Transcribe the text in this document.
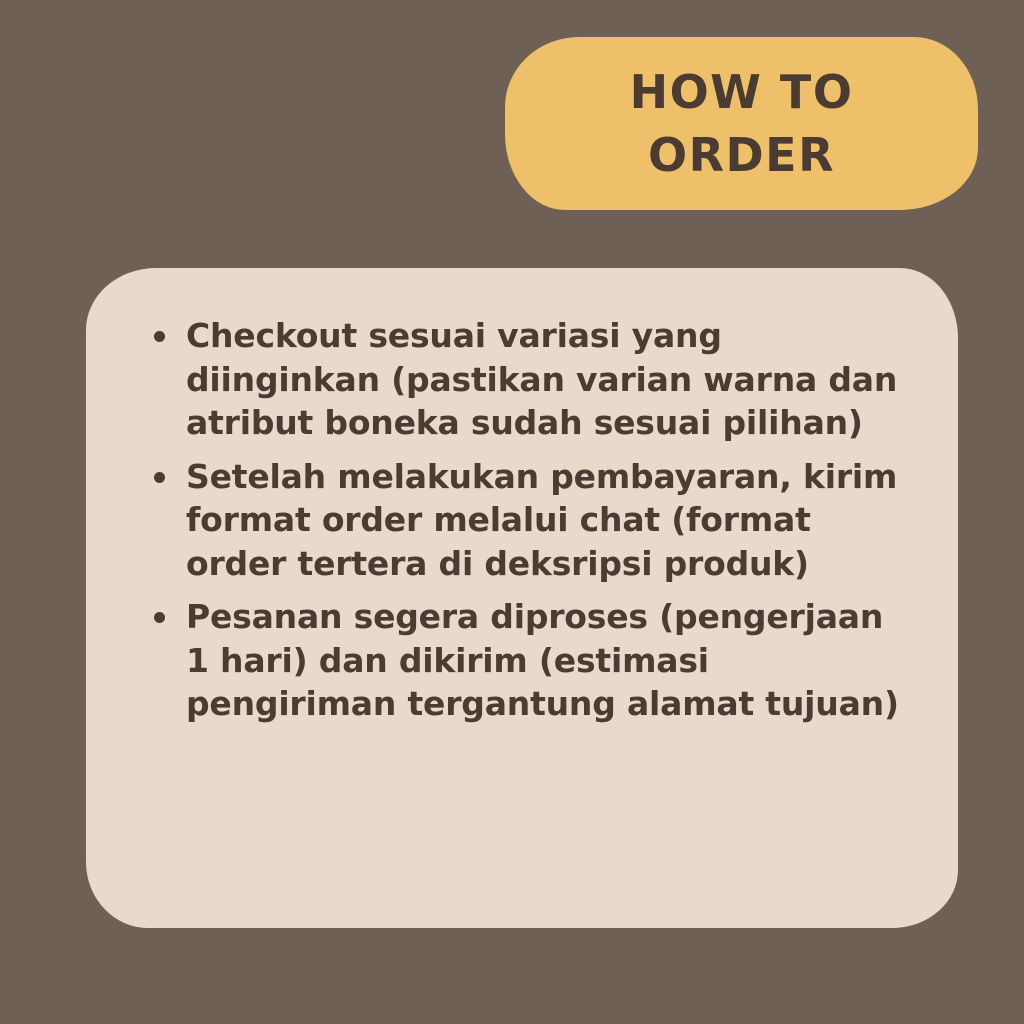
HOW TO
ORDER
Checkout sesuai variasi yang diinginkan (pastikan varian warna dan atribut boneka sudah sesuai pilihan)
Setelah melakukan pembayaran, kirim format order melalui chat (format order tertera di deksripsi produk)
Pesanan segera diproses (pengerjaan 1 hari) dan dikirim (estimasi pengiriman tergantung alamat tujuan)
